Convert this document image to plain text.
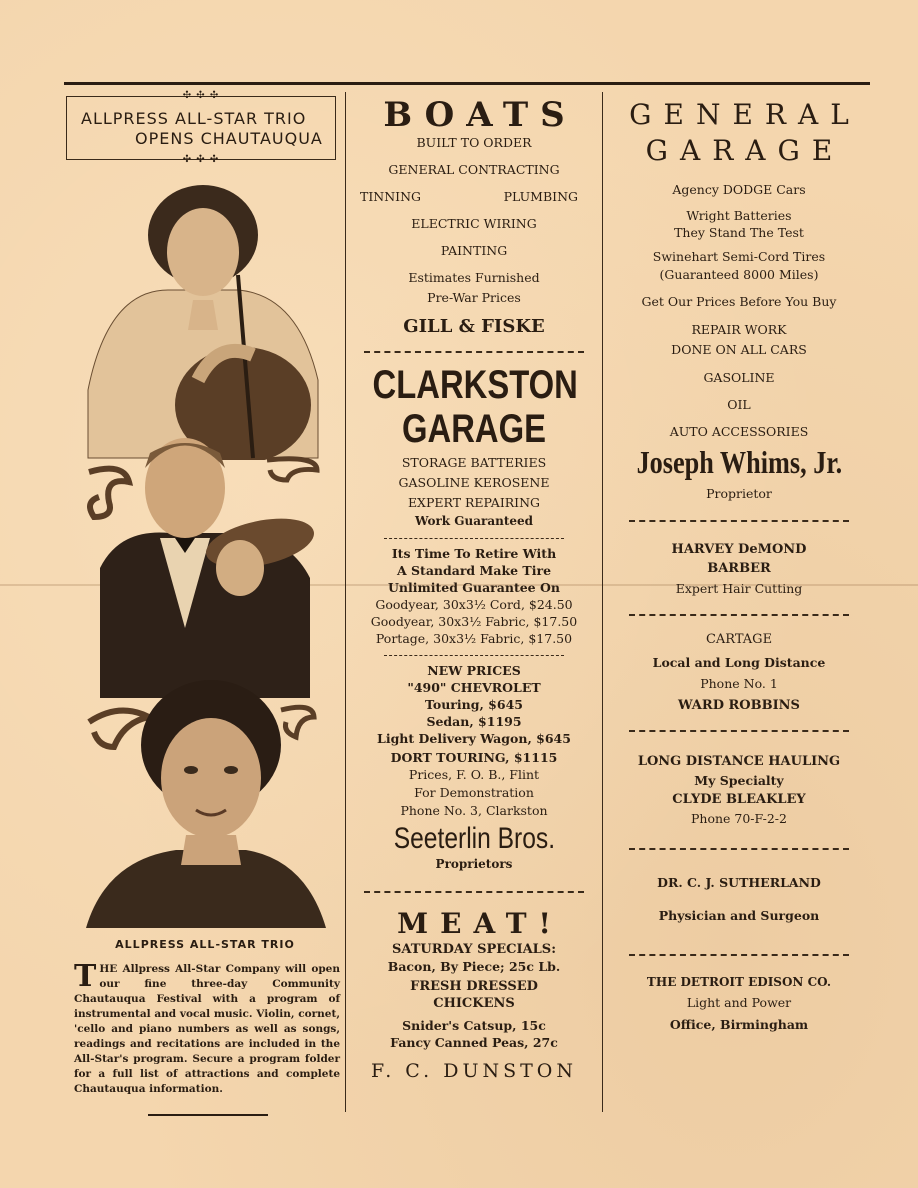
✣ ✣ ✣
ALLPRESS ALL-STAR TRIO
OPENS CHAUTAUQUA
✣ ✣ ✣
ALLPRESS ALL-STAR TRIO
THE Allpress All-Star Company will open our fine three-day Community Chautauqua Festival with a program of instrumental and vocal music. Violin, cornet, 'cello and piano numbers as well as songs, readings and recitations are included in the All-Star's program. Secure a program folder for a full list of attractions and complete Chautauqua information.
BOATS
BUILT TO ORDER
GENERAL CONTRACTING
TINNING	PLUMBING
ELECTRIC WIRING
PAINTING
Estimates Furnished
Pre-War Prices
GILL & FISKE
CLARKSTON
GARAGE
STORAGE BATTERIES
GASOLINE KEROSENE
EXPERT REPAIRING
Work Guaranteed
Its Time To Retire With
A Standard Make Tire
Unlimited Guarantee On
Goodyear, 30x3½ Cord, $24.50
Goodyear, 30x3½ Fabric, $17.50
Portage, 30x3½ Fabric, $17.50
NEW PRICES
"490" CHEVROLET
Touring, $645
Sedan, $1195
Light Delivery Wagon, $645
DORT TOURING, $1115
Prices, F. O. B., Flint
For Demonstration
Phone No. 3, Clarkston
Seeterlin Bros.
Proprietors
MEAT!
SATURDAY SPECIALS:
Bacon, By Piece; 25c Lb.
FRESH DRESSED
CHICKENS
Snider's Catsup, 15c
Fancy Canned Peas, 27c
F. C. DUNSTON
GENERAL
GARAGE
Agency DODGE Cars
Wright Batteries
They Stand The Test
Swinehart Semi-Cord Tires
(Guaranteed 8000 Miles)
Get Our Prices Before You Buy
REPAIR WORK
DONE ON ALL CARS
GASOLINE
OIL
AUTO ACCESSORIES
Joseph Whims, Jr.
Proprietor
HARVEY DeMOND
BARBER
Expert Hair Cutting
CARTAGE
Local and Long Distance
Phone No. 1
WARD ROBBINS
LONG DISTANCE HAULING
My Specialty
CLYDE BLEAKLEY
Phone 70-F-2-2
DR. C. J. SUTHERLAND
Physician and Surgeon
THE DETROIT EDISON CO.
Light and Power
Office, Birmingham
